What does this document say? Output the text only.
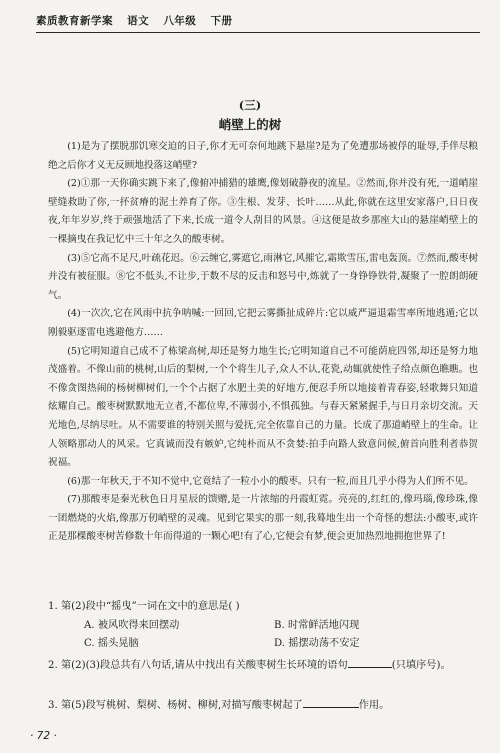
素质教育新学案 语文 八年级 下册
(三)
峭壁上的树

(1)是为了摆脱那饥寒交迫的日子,你才无可奈何地跳下悬崖?是为了免遭那场被俘的耻辱,手伴尽粮绝之后你才义无反顾地投落这峭壁?

(2)①那一天你确实跳下来了,像俯冲捕猎的雄鹰,像划破静夜的流星。②然而,你并没有死,一道峭崖壁缝救助了你,一抔贫瘠的泥土养育了你。③生根、发芽、长叶……从此,你就在这里安家落户,日日夜夜,年年岁岁,终于顽强地活了下来,长成一道令人刮目的风景。④这便是故乡那座大山的悬崖峭壁上的一棵摘曳在我记忆中三十年之久的酸枣树。

(3)⑤它高不足尺,叶疏花迟。⑥云缠它,雾遮它,雨淋它,风摧它,霜欺雪压,雷电轰顶。⑦然而,酸枣树并没有被征服。⑧它不低头,不让步,于数不尽的反击和怒号中,炼就了一身铮铮铁骨,凝聚了一腔朗朗硬气。

(4)一次次,它在风雨中抗争呐喊:一回回,它把云雾撕扯成碎片:它以威严逼退霜雪率所地逃遁;它以刚毅驱逐雷电逃避他方……

(5)它明知道自己成不了栋梁高树,却还是努力地生长;它明知道自己不可能荫庇四邻,却还是努力地茂盛着。不像山前的桃树,山后的梨树,一个个将生儿子,众人不认,花瓷,动辄就使性子给点颜色瞧瞧。也不像贪图热闹的杨树柳树们,一个个占据了水肥土美的好地方,便忍手所以地接着青春姿,轻歌舞只知道炫耀自己。酸枣树默默地无立者,不都位卑,不薄弱小,不惧孤独。与春天紧紧握手,与日月亲切交流。天光地色,尽纳尽吐。从不需要谁的特别关照与爱抚,完全依靠自己的力量。长成了那道峭壁上的生命。让人领略那动人的风采。它真诚而没有嫉妒,它纯朴而从不贪婪:拍手向路人致意问候,俯首向胜利者恭贺祝福。

(6)那一年秋天,于不知不觉中,它竟结了一粒小小的酸枣。只有一粒,而且几乎小得为人们所不见。

(7)那酸枣是秦光秋色日月星辰的馈赠,是一片浓缩的丹霞虹霓。亮亮的,红红的,像玛瑙,像珍珠,像一团燃烧的火焰,像那万仞峭壁的灵魂。见到它果实的那一刻,我蓦地生出一个奇怪的想法:小酸枣,或许正是那棵酸枣树苦修数十年而得道的一颗心吧!有了心,它便会有梦,便会更加热烈地拥抱世界了!

1. 第(2)段中“摇曳”一词在文中的意思是( )

A. 被风吹得来回摆动	B. 时常鲜活地闪现
C. 摇头晃脑	D. 摇摆动荡不安定

2. 第(2)(3)段总共有八句话,请从中找出有关酸枣树生长环境的语句	(只填序号)。

3. 第(5)段写桃树、梨树、杨树、柳树,对描写酸枣树起了	作用。

· 72 ·
